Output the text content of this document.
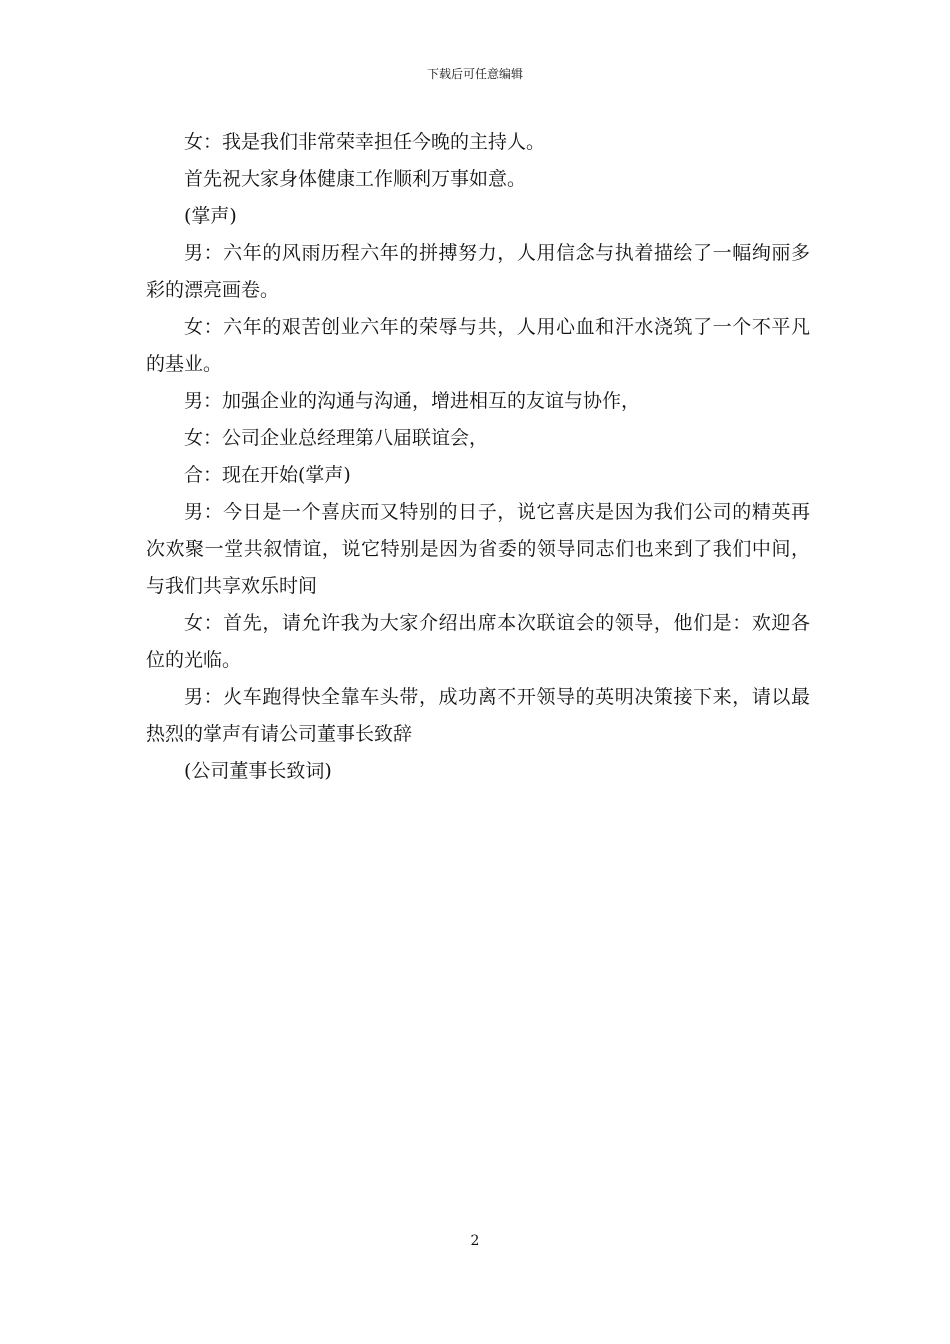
下载后可任意编辑

女：我是我们非常荣幸担任今晚的主持人。

首先祝大家身体健康工作顺利万事如意。

(掌声)

男：六年的风雨历程六年的拼搏努力，人用信念与执着描绘了一幅绚丽多彩的漂亮画卷。

女：六年的艰苦创业六年的荣辱与共，人用心血和汗水浇筑了一个不平凡的基业。

男：加强企业的沟通与沟通，增进相互的友谊与协作，

女：公司企业总经理第八届联谊会，

合：现在开始(掌声)

男：今日是一个喜庆而又特别的日子，说它喜庆是因为我们公司的精英再次欢聚一堂共叙情谊，说它特别是因为省委的领导同志们也来到了我们中间，与我们共享欢乐时间

女：首先，请允许我为大家介绍出席本次联谊会的领导，他们是：欢迎各位的光临。

男：火车跑得快全靠车头带，成功离不开领导的英明决策接下来，请以最热烈的掌声有请公司董事长致辞

(公司董事长致词)

2
